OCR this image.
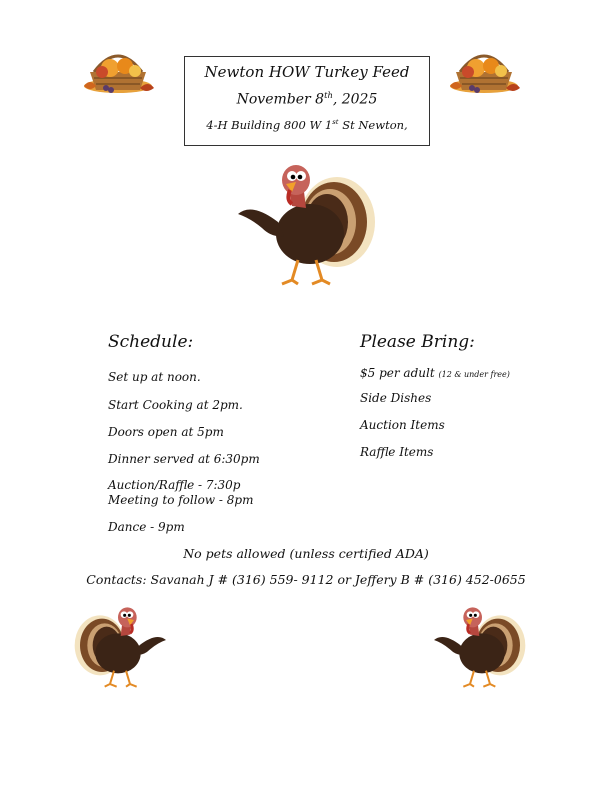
Newton HOW Turkey Feed
November 8th, 2025
4-H Building 800 W 1st St Newton,
Schedule:
Set up at noon.
Start Cooking at 2pm.
Doors open at 5pm
Dinner served at 6:30pm
Auction/Raffle - 7:30p
Meeting to follow - 8pm
Dance - 9pm
Please Bring:
$5 per adult (12 & under free)
Side Dishes
Auction Items
Raffle Items
No pets allowed (unless certified ADA)
Contacts: Savanah J # (316) 559- 9112 or Jeffery B # (316) 452-0655
